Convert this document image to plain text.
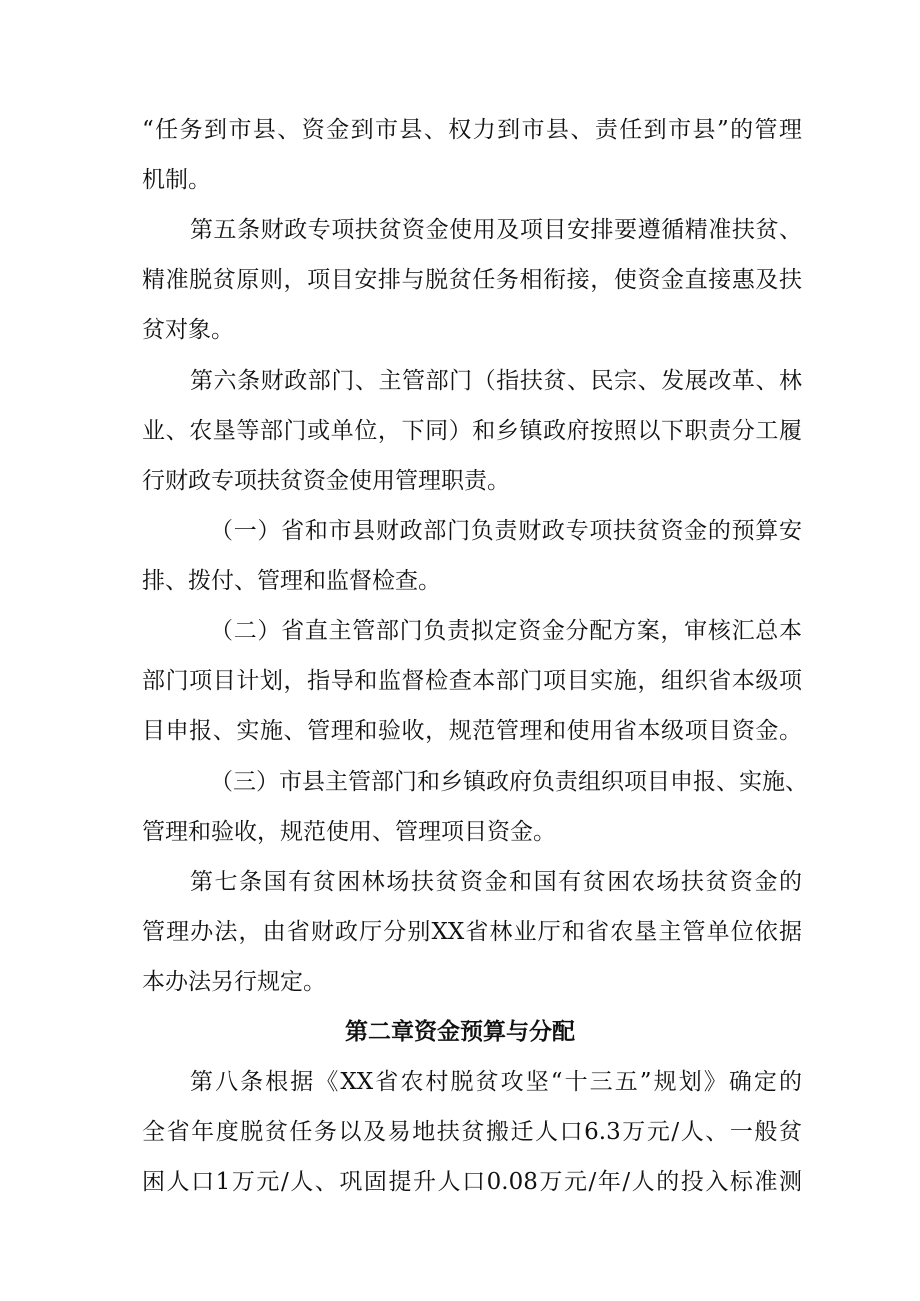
“任务到市县、资金到市县、权力到市县、责任到市县”的管理
机制。
第五条财政专项扶贫资金使用及项目安排要遵循精准扶贫、
精准脱贫原则，项目安排与脱贫任务相衔接，使资金直接惠及扶
贫对象。
第六条财政部门、主管部门（指扶贫、民宗、发展改革、林
业、农垦等部门或单位，下同）和乡镇政府按照以下职责分工履
行财政专项扶贫资金使用管理职责。
（一）省和市县财政部门负责财政专项扶贫资金的预算安
排、拨付、管理和监督检查。
（二）省直主管部门负责拟定资金分配方案，审核汇总本
部门项目计划，指导和监督检查本部门项目实施，组织省本级项
目申报、实施、管理和验收，规范管理和使用省本级项目资金。
（三）市县主管部门和乡镇政府负责组织项目申报、实施、
管理和验收，规范使用、管理项目资金。
第七条国有贫困林场扶贫资金和国有贫困农场扶贫资金的
管理办法，由省财政厅分别XX省林业厅和省农垦主管单位依据
本办法另行规定。
第二章资金预算与分配
第八条根据《XX省农村脱贫攻坚“十三五”规划》确定的
全省年度脱贫任务以及易地扶贫搬迁人口6.3万元/人、一般贫
困人口1万元/人、巩固提升人口0.08万元/年/人的投入标准测
